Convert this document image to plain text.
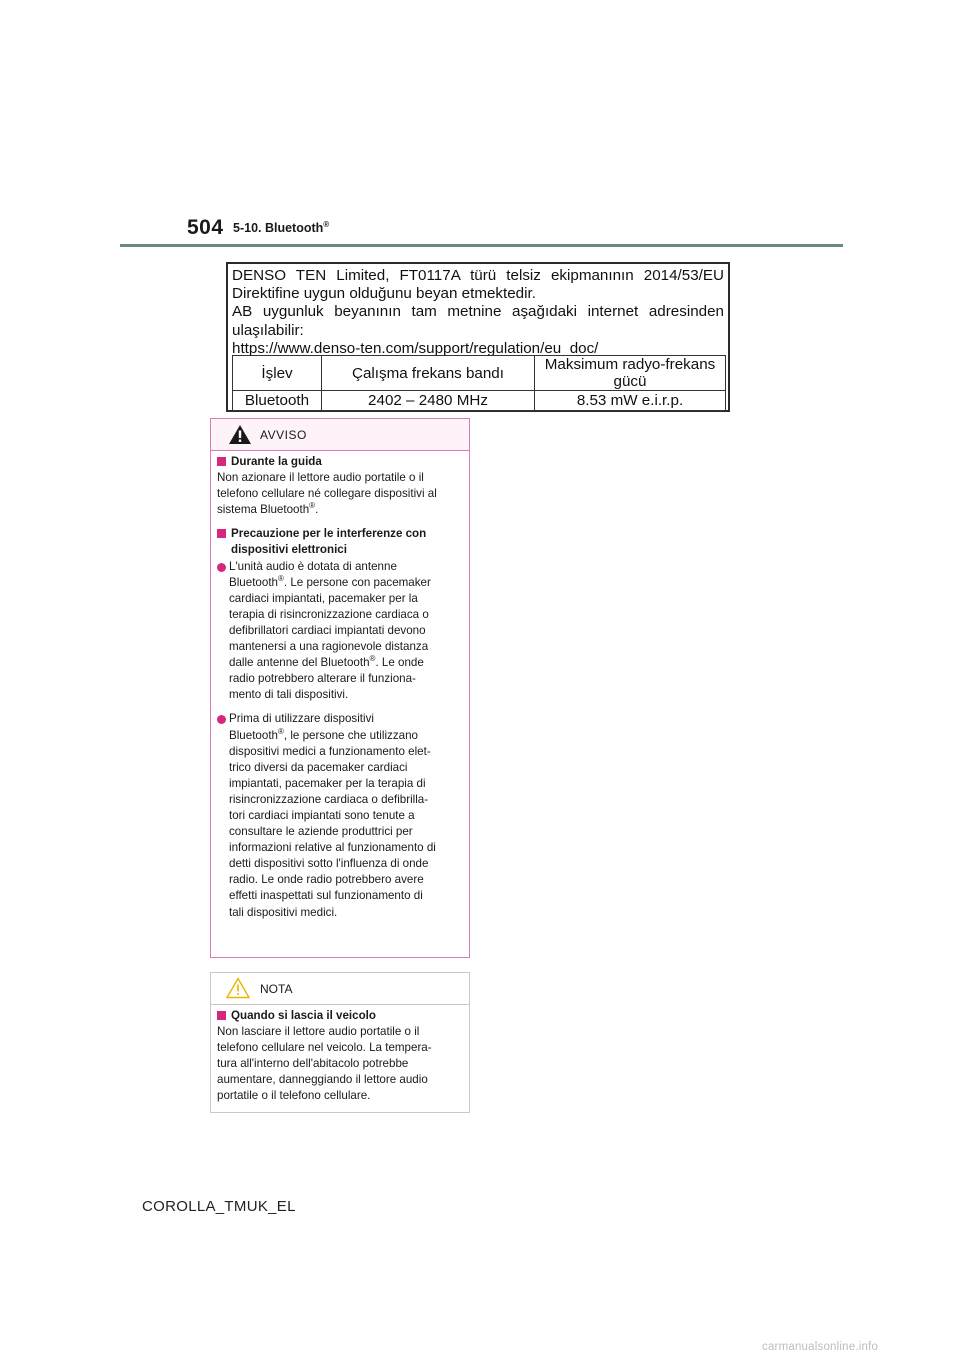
504 5-10. Bluetooth®
DENSO TEN Limited, FT0117A türü telsiz ekipmanının 2014/53/EU
Direktifine uygun olduğunu beyan etmektedir.
AB uygunluk beyanının tam metnine aşağıdaki internet adresinden
ulaşılabilir:
https://www.denso-ten.com/support/regulation/eu_doc/
İşlev	Çalışma frekans bandı	Maksimum radyo-frekans
gücü
Bluetooth	2402 – 2480 MHz	8.53 mW e.i.r.p.
AVVISO
Durante la guida

Non azionare il lettore audio portatile o il
telefono cellulare né collegare dispositivi al
sistema Bluetooth®.

Precauzione per le interferenze con
dispositivi elettronici
L'unità audio è dotata di antenne
Bluetooth®. Le persone con pacemaker
cardiaci impiantati, pacemaker per la
terapia di risincronizzazione cardiaca o
defibrillatori cardiaci impiantati devono
mantenersi a una ragionevole distanza
dalle antenne del Bluetooth®. Le onde
radio potrebbero alterare il funziona-
mento di tali dispositivi.
Prima di utilizzare dispositivi
Bluetooth®, le persone che utilizzano
dispositivi medici a funzionamento elet-
trico diversi da pacemaker cardiaci
impiantati, pacemaker per la terapia di
risincronizzazione cardiaca o defibrilla-
tori cardiaci impiantati sono tenute a
consultare le aziende produttrici per
informazioni relative al funzionamento di
detti dispositivi sotto l'influenza di onde
radio. Le onde radio potrebbero avere
effetti inaspettati sul funzionamento di
tali dispositivi medici.
NOTA
Quando si lascia il veicolo

Non lasciare il lettore audio portatile o il
telefono cellulare nel veicolo. La tempera-
tura all'interno dell'abitacolo potrebbe
aumentare, danneggiando il lettore audio
portatile o il telefono cellulare.

COROLLA_TMUK_EL
carmanualsonline.info
